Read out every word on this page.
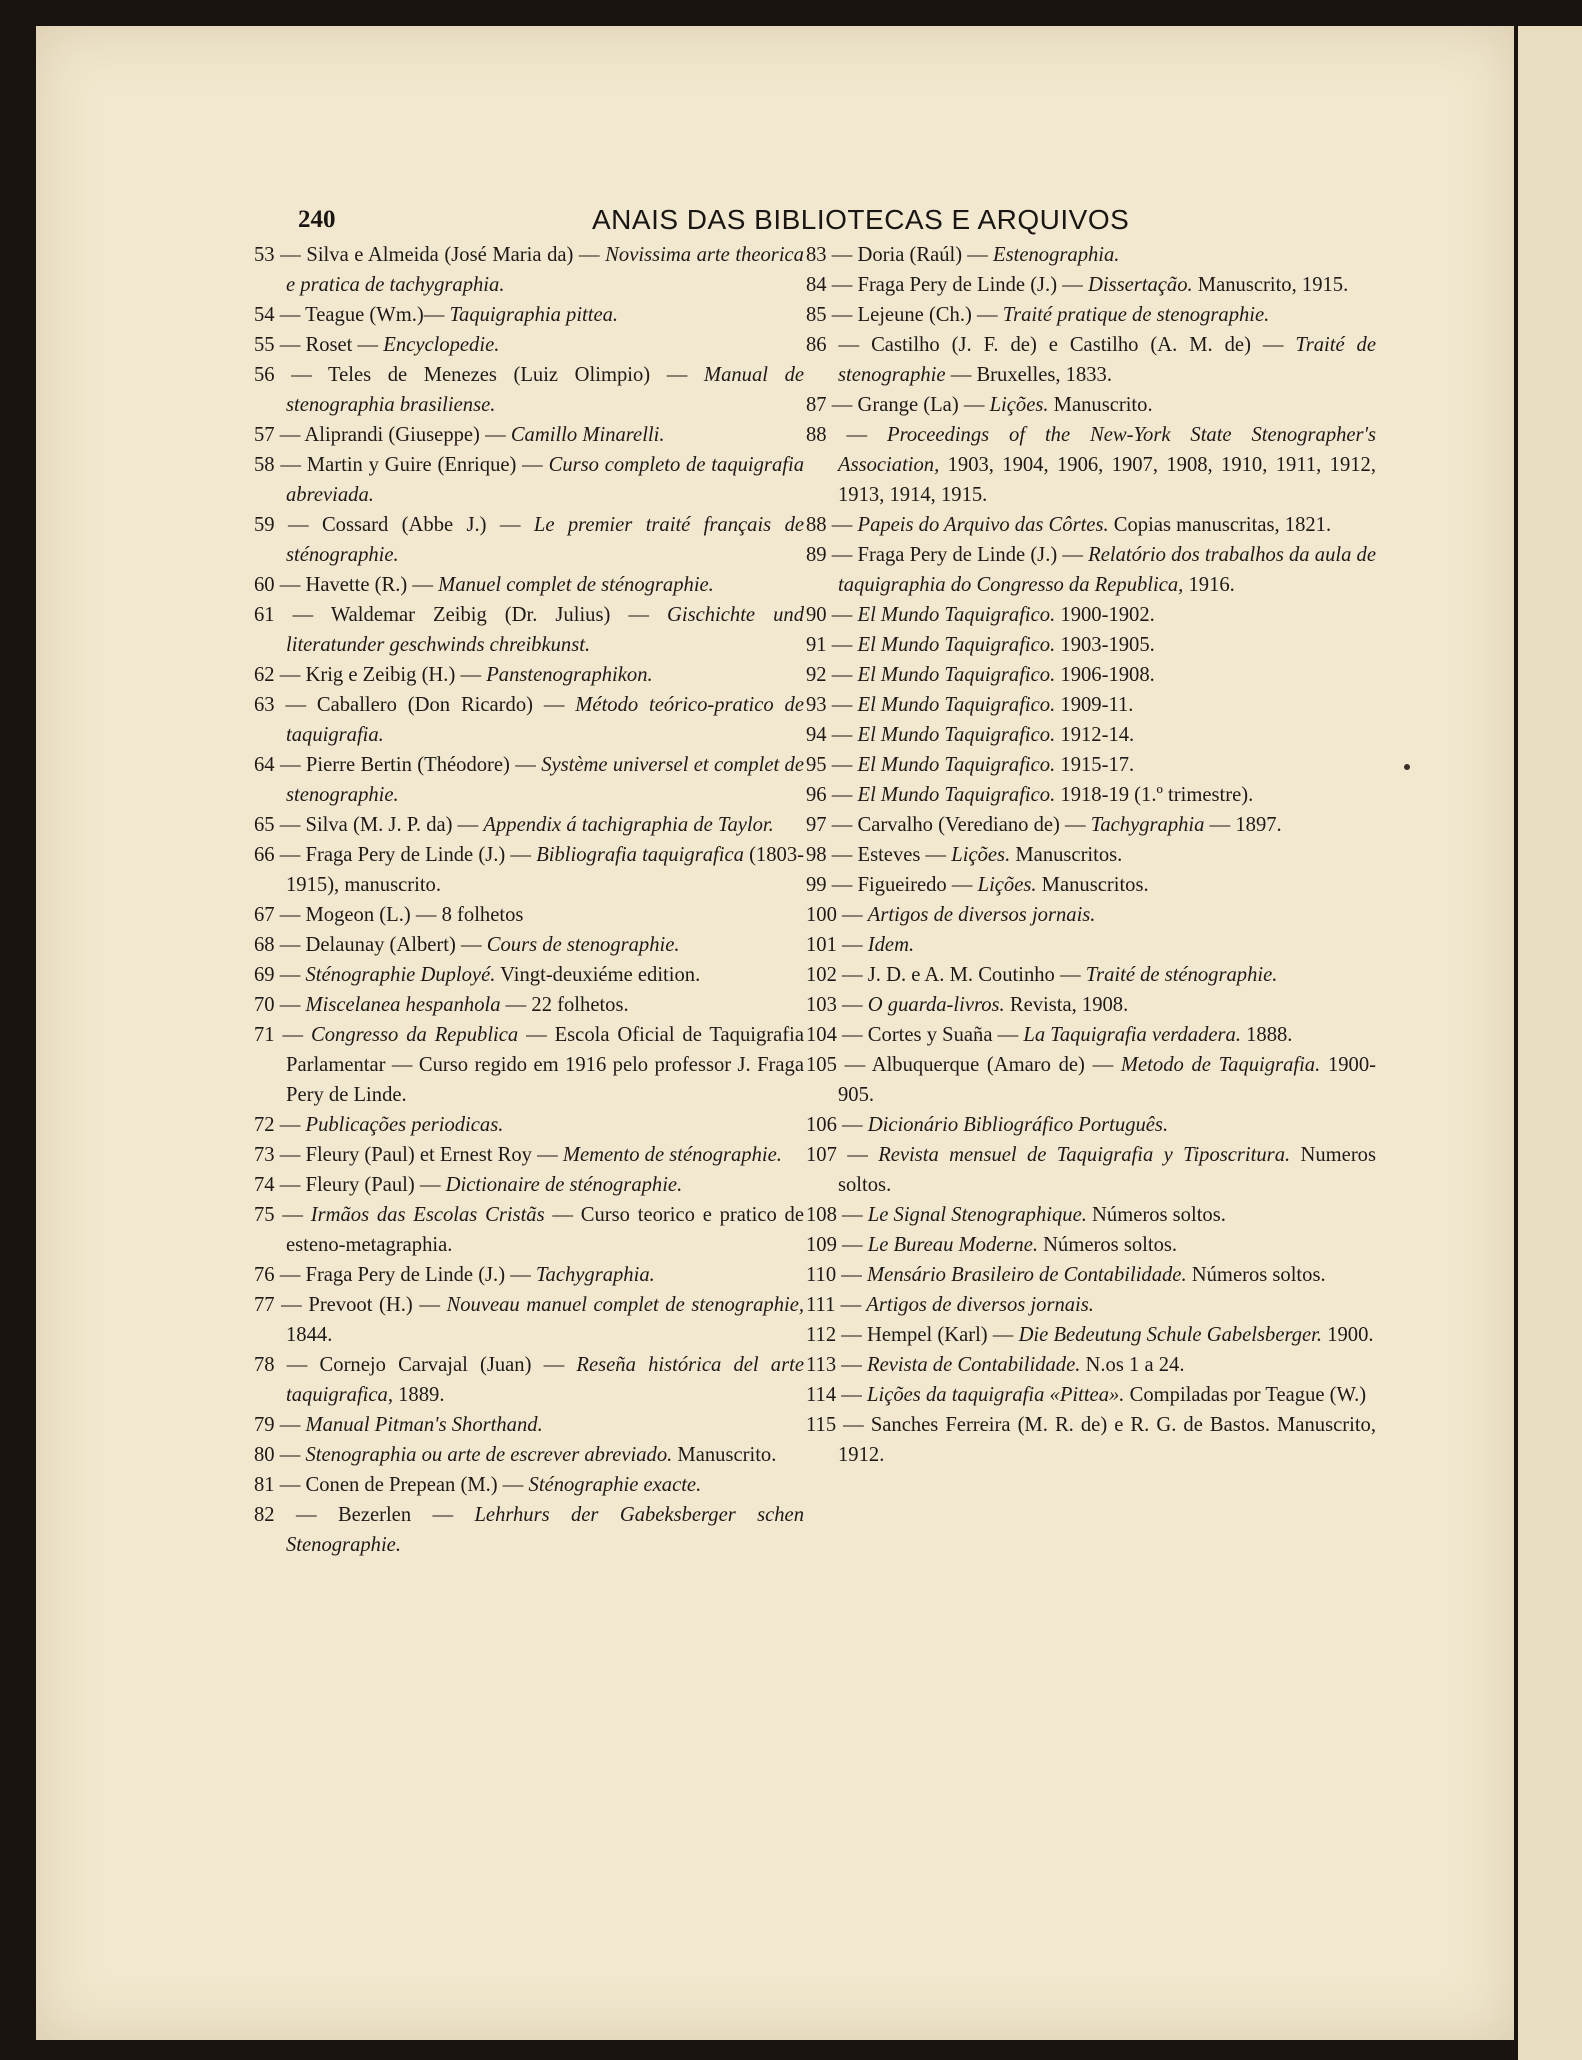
240	ANAIS DAS BIBLIOTECAS E ARQUIVOS

53 — Silva e Almeida (José Maria da) — Novissima arte theorica e pratica de tachygraphia.

54 — Teague (Wm.)— Taquigraphia pittea.

55 — Roset — Encyclopedie.

56 — Teles de Menezes (Luiz Olimpio) — Manual de stenographia brasiliense.

57 — Aliprandi (Giuseppe) — Camillo Minarelli.

58 — Martin y Guire (Enrique) — Curso completo de taquigrafia abreviada.

59 — Cossard (Abbe J.) — Le premier traité français de sténographie.

60 — Havette (R.) — Manuel complet de sténographie.

61 — Waldemar Zeibig (Dr. Julius) — Gischichte und literatunder geschwinds chreibkunst.

62 — Krig e Zeibig (H.) — Panstenographikon.

63 — Caballero (Don Ricardo) — Método teórico-pratico de taquigrafia.

64 — Pierre Bertin (Théodore) — Système universel et complet de stenographie.

65 — Silva (M. J. P. da) — Appendix á tachigraphia de Taylor.

66 — Fraga Pery de Linde (J.) — Bibliografia taquigrafica (1803-1915), manuscrito.

67 — Mogeon (L.) — 8 folhetos

68 — Delaunay (Albert) — Cours de stenographie.

69 — Sténographie Duployé. Vingt-deuxiéme edition.

70 — Miscelanea hespanhola — 22 folhetos.

71 — Congresso da Republica — Escola Oficial de Taquigrafia Parlamentar — Curso regido em 1916 pelo professor J. Fraga Pery de Linde.

72 — Publicações periodicas.

73 — Fleury (Paul) et Ernest Roy — Memento de sténographie.

74 — Fleury (Paul) — Dictionaire de sténographie.

75 — Irmãos das Escolas Cristãs — Curso teorico e pratico de esteno-metagraphia.

76 — Fraga Pery de Linde (J.) — Tachygraphia.

77 — Prevoot (H.) — Nouveau manuel complet de stenographie, 1844.

78 — Cornejo Carvajal (Juan) — Reseña histórica del arte taquigrafica, 1889.

79 — Manual Pitman's Shorthand.

80 — Stenographia ou arte de escrever abreviado. Manuscrito.

81 — Conen de Prepean (M.) — Sténographie exacte.

82 — Bezerlen — Lehrhurs der Gabeksberger schen Stenographie.

83 — Doria (Raúl) — Estenographia.

84 — Fraga Pery de Linde (J.) — Dissertação. Manuscrito, 1915.

85 — Lejeune (Ch.) — Traité pratique de stenographie.

86 — Castilho (J. F. de) e Castilho (A. M. de) — Traité de stenographie — Bruxelles, 1833.

87 — Grange (La) — Lições. Manuscrito.

88 — Proceedings of the New-York State Stenographer's Association, 1903, 1904, 1906, 1907, 1908, 1910, 1911, 1912, 1913, 1914, 1915.

88 — Papeis do Arquivo das Côrtes. Copias manuscritas, 1821.

89 — Fraga Pery de Linde (J.) — Relatório dos trabalhos da aula de taquigraphia do Congresso da Republica, 1916.

90 — El Mundo Taquigrafico. 1900-1902.

91 — El Mundo Taquigrafico. 1903-1905.

92 — El Mundo Taquigrafico. 1906-1908.

93 — El Mundo Taquigrafico. 1909-11.

94 — El Mundo Taquigrafico. 1912-14.

95 — El Mundo Taquigrafico. 1915-17.

96 — El Mundo Taquigrafico. 1918-19 (1.º trimestre).

97 — Carvalho (Verediano de) — Tachygraphia — 1897.

98 — Esteves — Lições. Manuscritos.

99 — Figueiredo — Lições. Manuscritos.

100 — Artigos de diversos jornais.

101 — Idem.

102 — J. D. e A. M. Coutinho — Traité de sténographie.

103 — O guarda-livros. Revista, 1908.

104 — Cortes y Suaña — La Taquigrafia verdadera. 1888.

105 — Albuquerque (Amaro de) — Metodo de Taquigrafia. 1900-905.

106 — Dicionário Bibliográfico Português.

107 — Revista mensuel de Taquigrafia y Tiposcritura. Numeros soltos.

108 — Le Signal Stenographique. Números soltos.

109 — Le Bureau Moderne. Números soltos.

110 — Mensário Brasileiro de Contabilidade. Números soltos.

111 — Artigos de diversos jornais.

112 — Hempel (Karl) — Die Bedeutung Schule Gabelsberger. 1900.

113 — Revista de Contabilidade. N.os 1 a 24.

114 — Lições da taquigrafia «Pittea». Compiladas por Teague (W.)

115 — Sanches Ferreira (M. R. de) e R. G. de Bastos. Manuscrito, 1912.
